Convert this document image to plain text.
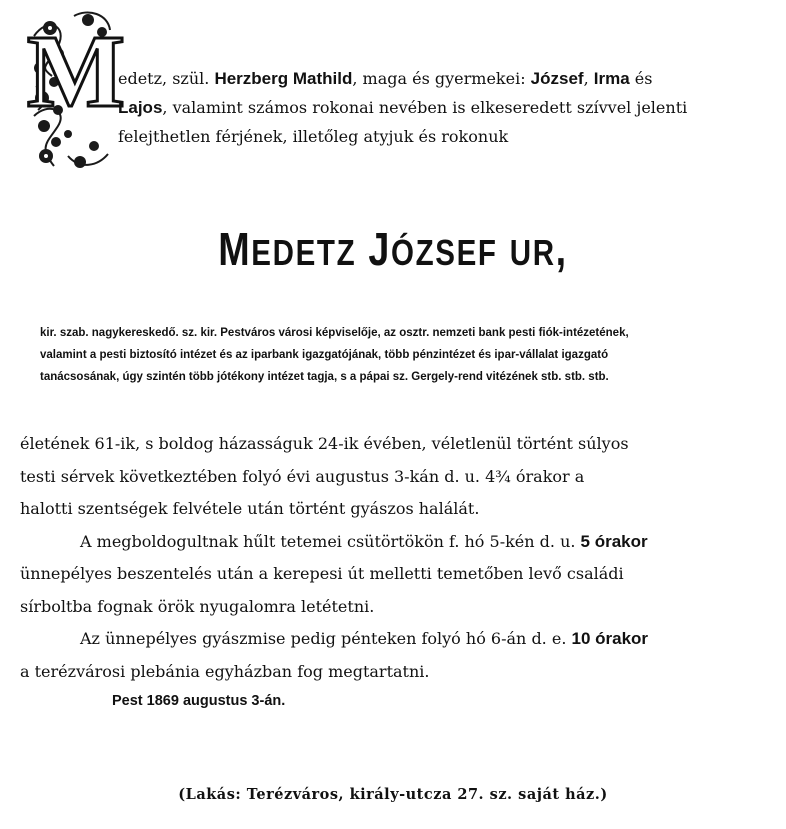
M
edetz, szül. Herzberg Mathild, maga és gyermekei: József, Irma és
Lajos, valamint számos rokonai nevében is elkeseredett szívvel jelenti
felejthetlen férjének, illetőleg atyjuk és rokonuk
MEDETZ JÓZSEF UR,
kir. szab. nagykereskedő. sz. kir. Pestváros városi képviselője, az osztr. nemzeti bank pesti fiók-intézetének,
valamint a pesti biztosító intézet és az iparbank igazgatójának, több pénzintézet és ipar-vállalat igazgató
tanácsosának, úgy szintén több jótékony intézet tagja, s a pápai sz. Gergely-rend vitézének stb. stb. stb.
életének 61-ik, s boldog házasságuk 24-ik évében, véletlenül történt súlyos
testi sérvek következtében folyó évi augustus 3-kán d. u. 4¾ órakor a
halotti szentségek felvétele után történt gyászos halálát.
A megboldogultnak hűlt tetemei csütörtökön f. hó 5-kén d. u. 5 órakor
ünnepélyes beszentelés után a kerepesi út melletti temetőben levő családi
sírboltba fognak örök nyugalomra letétetni.
Az ünnepélyes gyászmise pedig pénteken folyó hó 6-án d. e. 10 órakor
a terézvárosi plebánia egyházban fog megtartatni.
Pest 1869 augustus 3-án.
(Lakás: Terézváros, király-utcza 27. sz. saját ház.)
